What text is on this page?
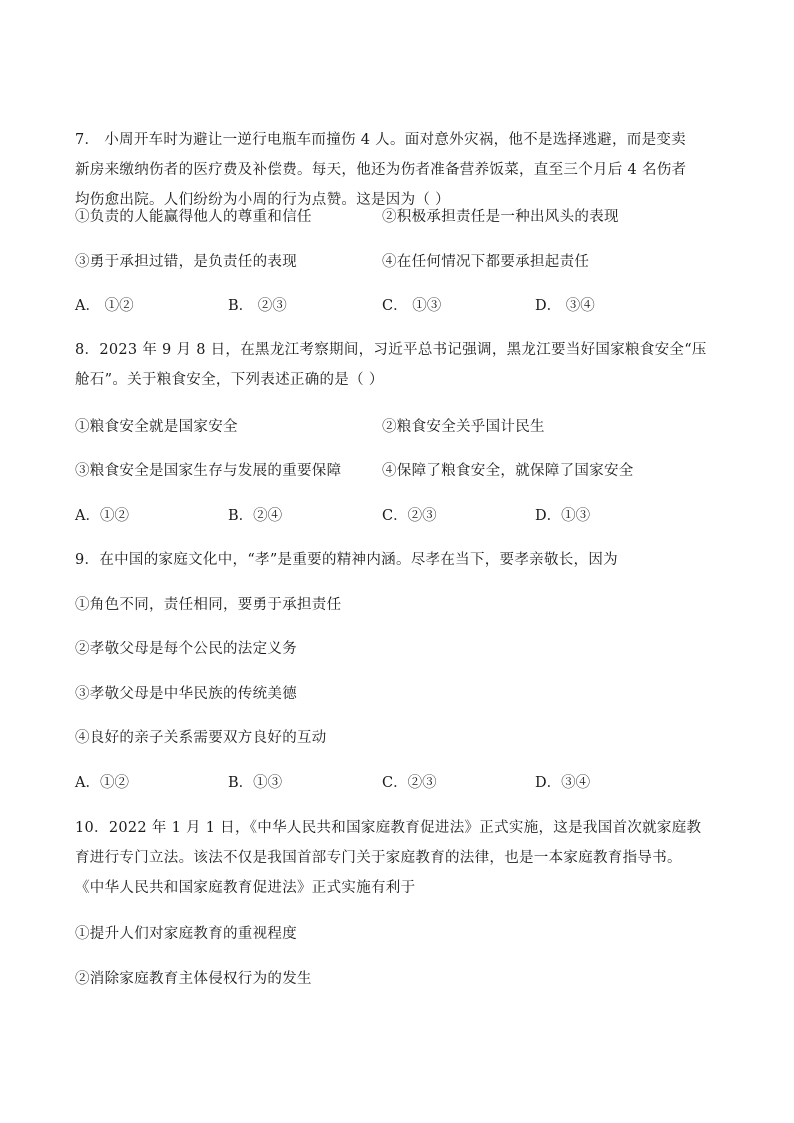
7． 小周开车时为避让一逆行电瓶车而撞伤 4 人。面对意外灾祸，他不是选择逃避，而是变卖
新房来缴纳伤者的医疗费及补偿费。每天，他还为伤者准备营养饭菜，直至三个月后 4 名伤者
均伤愈出院。人们纷纷为小周的行为点赞。这是因为（ ）
①负责的人能赢得他人的尊重和信任	②积极承担责任是一种出风头的表现
③勇于承担过错，是负责任的表现	④在任何情况下都要承担起责任
A． ①②	B． ②③	C． ①③	D． ③④
8．2023 年 9 月 8 日，在黑龙江考察期间，习近平总书记强调，黑龙江要当好国家粮食安全“压
舱石”。关于粮食安全，下列表述正确的是（ ）
①粮食安全就是国家安全	②粮食安全关乎国计民生
③粮食安全是国家生存与发展的重要保障	④保障了粮食安全，就保障了国家安全
A．①②	B．②④	C．②③	D．①③
9．在中国的家庭文化中，“孝”是重要的精神内涵。尽孝在当下，要孝亲敬长，因为
①角色不同，责任相同，要勇于承担责任
②孝敬父母是每个公民的法定义务
③孝敬父母是中华民族的传统美德
④良好的亲子关系需要双方良好的互动
A．①②	B．①③	C．②③	D．③④
10．2022 年 1 月 1 日，《中华人民共和国家庭教育促进法》正式实施，这是我国首次就家庭教
育进行专门立法。该法不仅是我国首部专门关于家庭教育的法律，也是一本家庭教育指导书。
《中华人民共和国家庭教育促进法》正式实施有利于
①提升人们对家庭教育的重视程度
②消除家庭教育主体侵权行为的发生
